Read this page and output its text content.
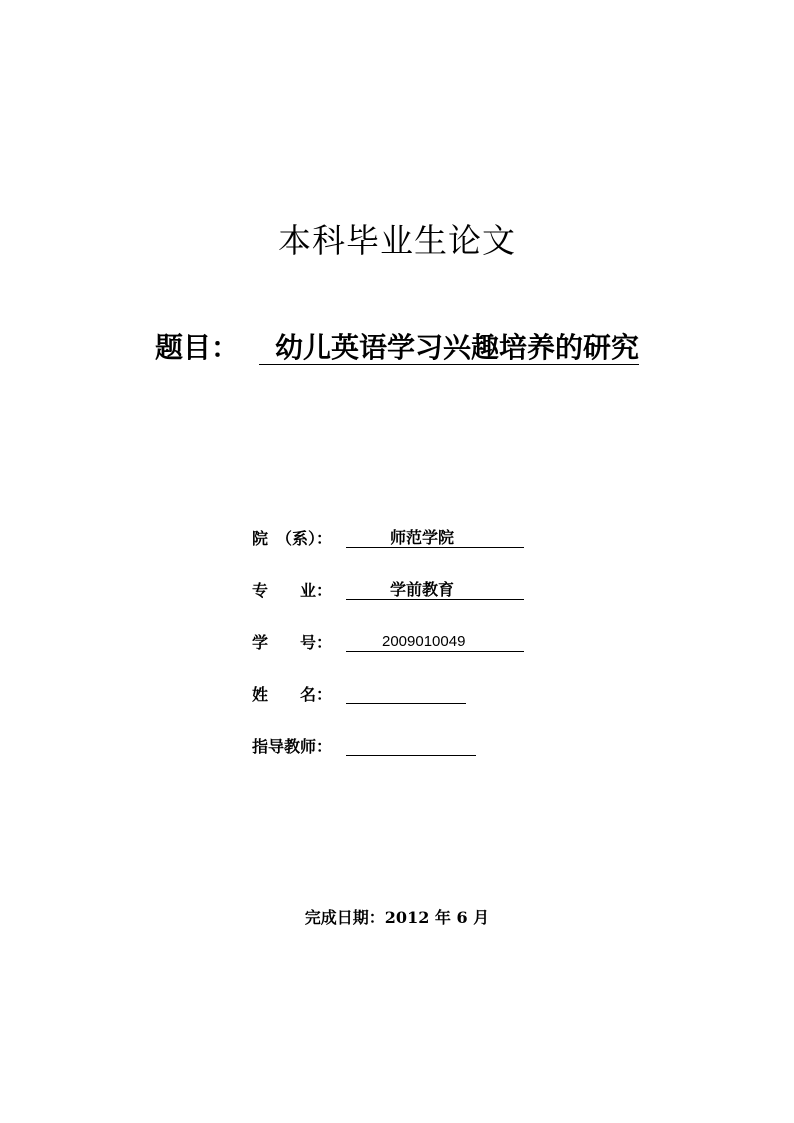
本科毕业生论文
题目： 幼儿英语学习兴趣培养的研究
院　（系）：	师范学院
专　　业：	学前教育
学　　号：	2009010049
姓　　名：
指导教师：
完成日期：2012 年 6 月
